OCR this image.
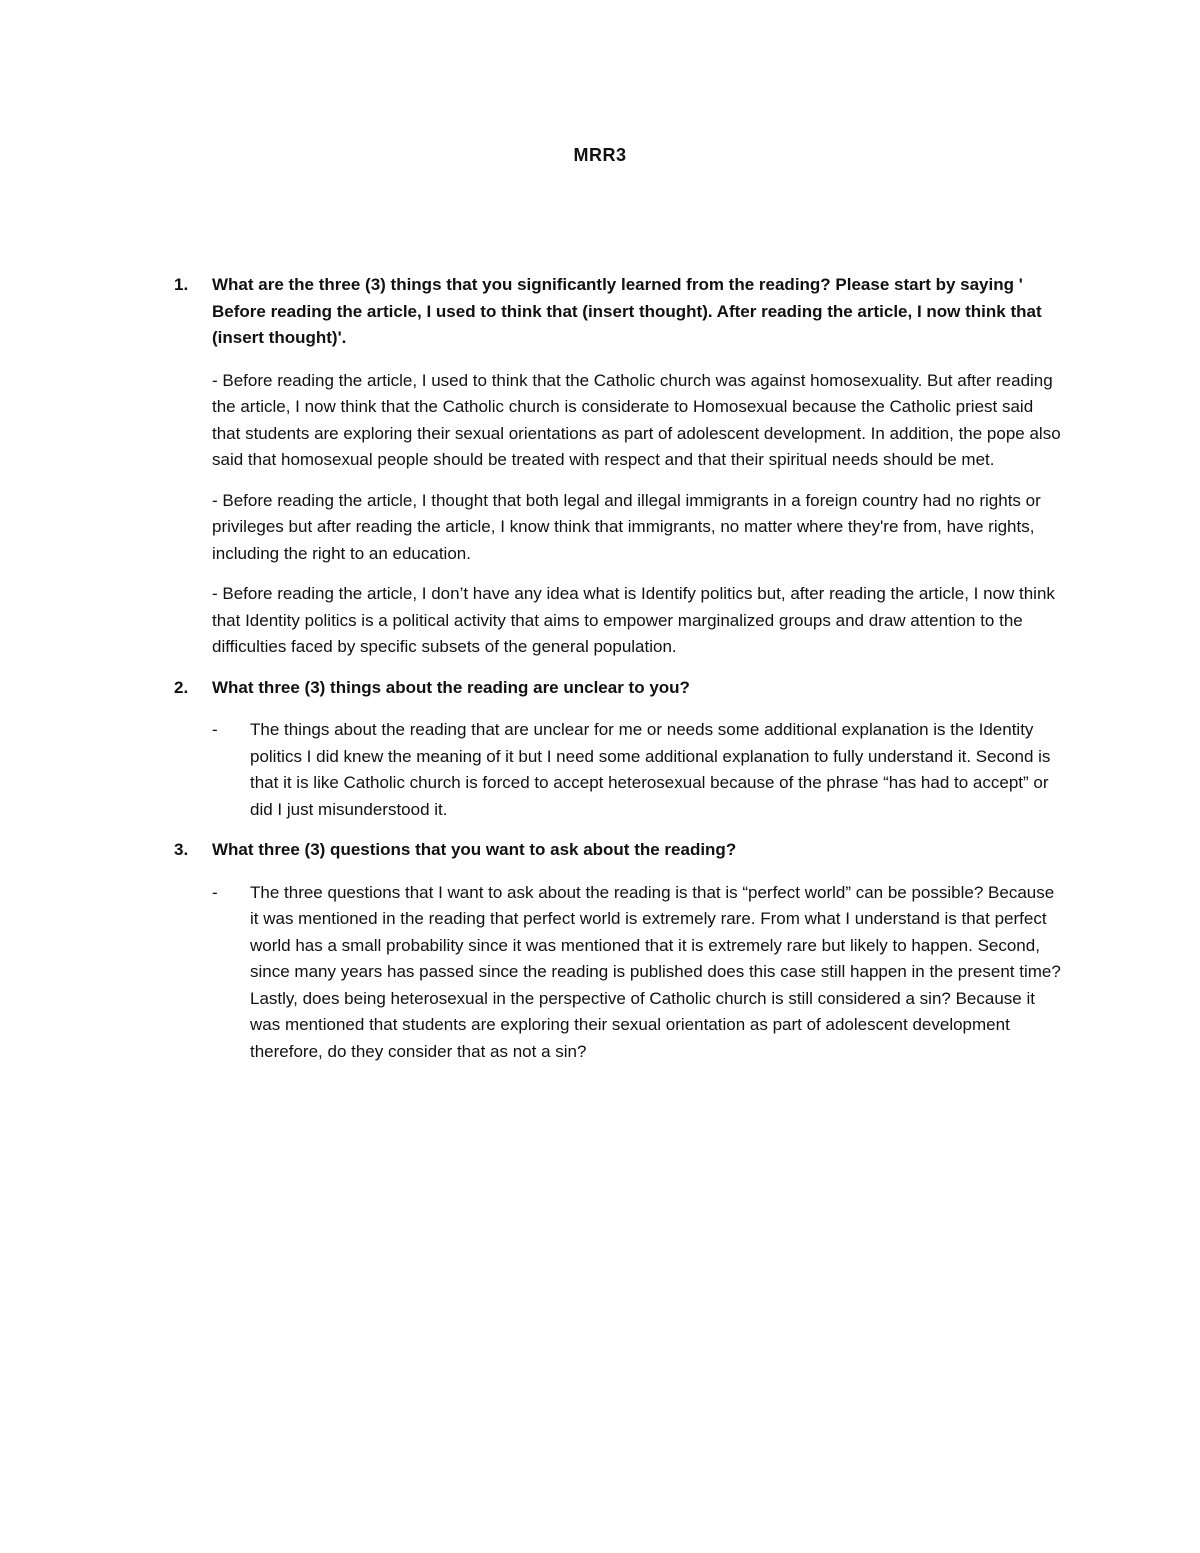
MRR3
1.	What are the three (3) things that you significantly learned from the reading? Please start by saying ' Before reading the article, I used to think that (insert thought). After reading the article, I now think that (insert thought)'.
- Before reading the article, I used to think that the Catholic church was against homosexuality. But after reading the article, I now think that the Catholic church is considerate to Homosexual because the Catholic priest said that students are exploring their sexual orientations as part of adolescent development. In addition, the pope also said that homosexual people should be treated with respect and that their spiritual needs should be met.
- Before reading the article, I thought that both legal and illegal immigrants in a foreign country had no rights or privileges but after reading the article, I know think that immigrants, no matter where they're from, have rights, including the right to an education.
- Before reading the article, I don’t have any idea what is Identify politics but, after reading the article, I now think that Identity politics is a political activity that aims to empower marginalized groups and draw attention to the difficulties faced by specific subsets of the general population.
2.	What three (3) things about the reading are unclear to you?
-	The things about the reading that are unclear for me or needs some additional explanation is the Identity politics I did knew the meaning of it but I need some additional explanation to fully understand it. Second is that it is like Catholic church is forced to accept heterosexual because of the phrase “has had to accept” or did I just misunderstood it.
3.	What three (3) questions that you want to ask about the reading?
-	The three questions that I want to ask about the reading is that is “perfect world” can be possible? Because it was mentioned in the reading that perfect world is extremely rare. From what I understand is that perfect world has a small probability since it was mentioned that it is extremely rare but likely to happen. Second, since many years has passed since the reading is published does this case still happen in the present time? Lastly, does being heterosexual in the perspective of Catholic church is still considered a sin? Because it was mentioned that students are exploring their sexual orientation as part of adolescent development therefore, do they consider that as not a sin?
